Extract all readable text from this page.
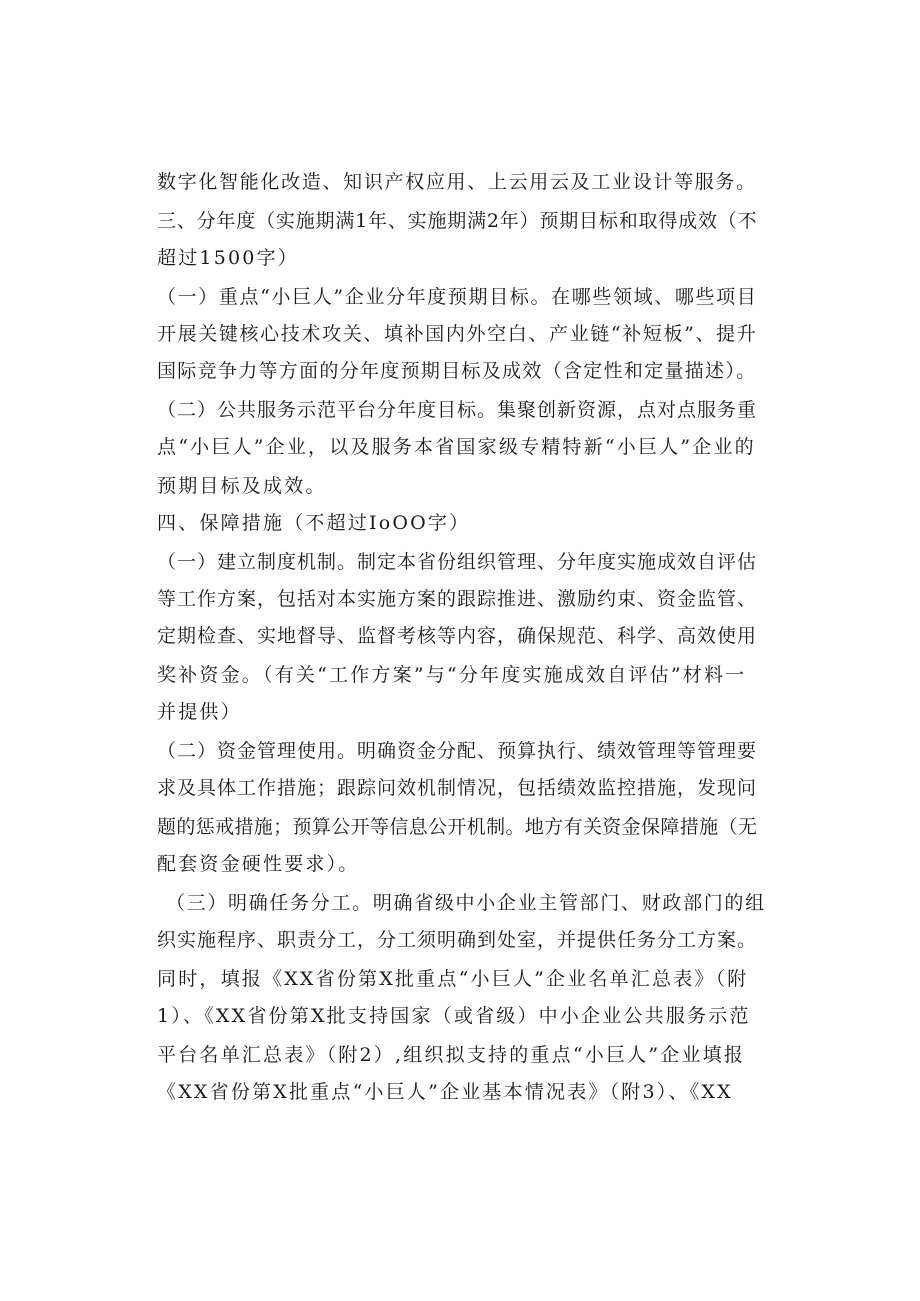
数字化智能化改造、知识产权应用、上云用云及工业设计等服务。
三、分年度（实施期满1年、实施期满2年）预期目标和取得成效（不
超过1500字）
（一）重点“小巨人”企业分年度预期目标。在哪些领域、哪些项目
开展关键核心技术攻关、填补国内外空白、产业链“补短板”、提升
国际竞争力等方面的分年度预期目标及成效（含定性和定量描述）。
（二）公共服务示范平台分年度目标。集聚创新资源，点对点服务重
点“小巨人”企业，以及服务本省国家级专精特新“小巨人”企业的
预期目标及成效。
四、保障措施（不超过IoOO字）
（一）建立制度机制。制定本省份组织管理、分年度实施成效自评估
等工作方案，包括对本实施方案的跟踪推进、激励约束、资金监管、
定期检查、实地督导、监督考核等内容，确保规范、科学、高效使用
奖补资金。（有关“工作方案”与“分年度实施成效自评估”材料一
并提供）
（二）资金管理使用。明确资金分配、预算执行、绩效管理等管理要
求及具体工作措施；跟踪问效机制情况，包括绩效监控措施，发现问
题的惩戒措施；预算公开等信息公开机制。地方有关资金保障措施（无
配套资金硬性要求）。
（三）明确任务分工。明确省级中小企业主管部门、财政部门的组
织实施程序、职责分工，分工须明确到处室，并提供任务分工方案。
同时，填报《XX省份第X批重点“小巨人”企业名单汇总表》（附
1）、《XX省份第X批支持国家（或省级）中小企业公共服务示范
平台名单汇总表》（附2）,组织拟支持的重点“小巨人”企业填报
《XX省份第X批重点“小巨人”企业基本情况表》（附3）、《XX
